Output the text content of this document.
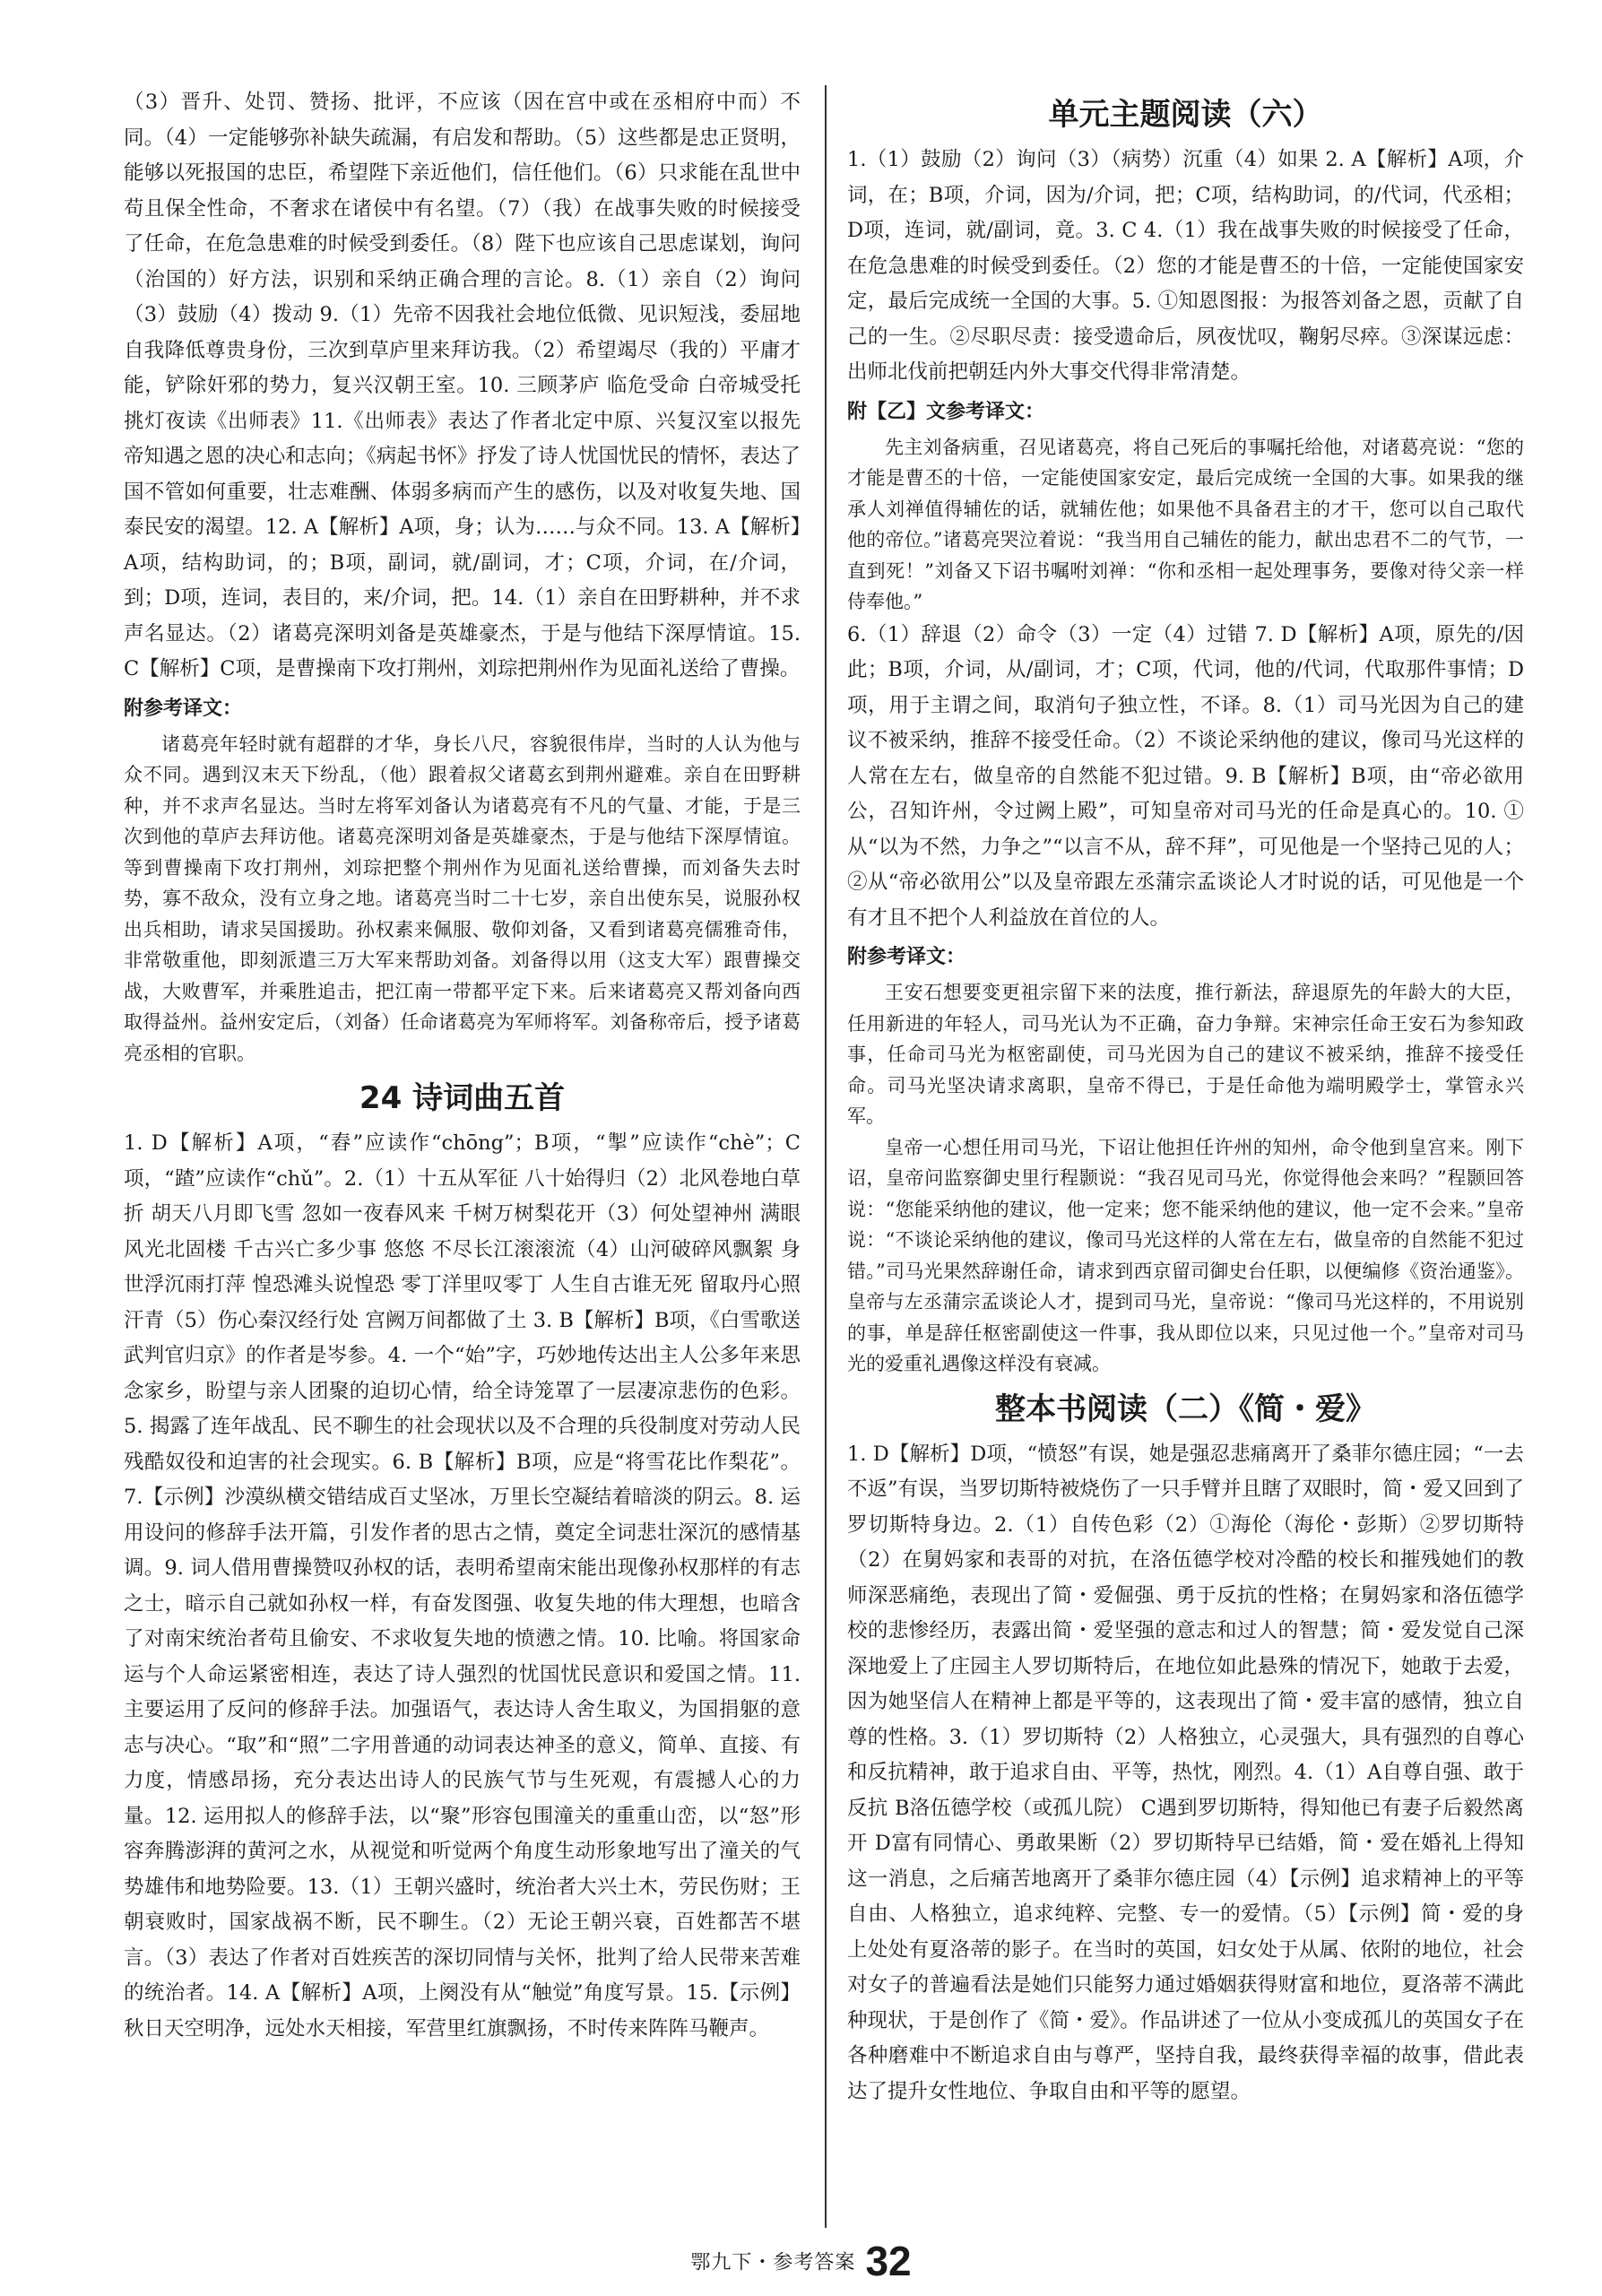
（3）晋升、处罚、赞扬、批评，不应该（因在宫中或在丞相府中而）不同。（4）一定能够弥补缺失疏漏，有启发和帮助。（5）这些都是忠正贤明，能够以死报国的忠臣，希望陛下亲近他们，信任他们。（6）只求能在乱世中苟且保全性命，不奢求在诸侯中有名望。（7）（我）在战事失败的时候接受了任命，在危急患难的时候受到委任。（8）陛下也应该自己思虑谋划，询问（治国的）好方法，识别和采纳正确合理的言论。8.（1）亲自（2）询问（3）鼓励（4）拨动 9.（1）先帝不因我社会地位低微、见识短浅，委屈地自我降低尊贵身份，三次到草庐里来拜访我。（2）希望竭尽（我的）平庸才能，铲除奸邪的势力，复兴汉朝王室。10. 三顾茅庐 临危受命 白帝城受托 挑灯夜读《出师表》11.《出师表》表达了作者北定中原、兴复汉室以报先帝知遇之恩的决心和志向；《病起书怀》抒发了诗人忧国忧民的情怀，表达了国不管如何重要，壮志难酬、体弱多病而产生的感伤，以及对收复失地、国泰民安的渴望。12. A【解析】A项，身；认为……与众不同。13. A【解析】A项，结构助词，的；B项，副词，就/副词，才；C项，介词，在/介词，到；D项，连词，表目的，来/介词，把。14.（1）亲自在田野耕种，并不求声名显达。（2）诸葛亮深明刘备是英雄豪杰，于是与他结下深厚情谊。15. C【解析】C项，是曹操南下攻打荆州，刘琮把荆州作为见面礼送给了曹操。

附参考译文：

诸葛亮年轻时就有超群的才华，身长八尺，容貌很伟岸，当时的人认为他与众不同。遇到汉末天下纷乱，（他）跟着叔父诸葛玄到荆州避难。亲自在田野耕种，并不求声名显达。当时左将军刘备认为诸葛亮有不凡的气量、才能，于是三次到他的草庐去拜访他。诸葛亮深明刘备是英雄豪杰，于是与他结下深厚情谊。等到曹操南下攻打荆州，刘琮把整个荆州作为见面礼送给曹操，而刘备失去时势，寡不敌众，没有立身之地。诸葛亮当时二十七岁，亲自出使东吴，说服孙权出兵相助，请求吴国援助。孙权素来佩服、敬仰刘备，又看到诸葛亮儒雅奇伟，非常敬重他，即刻派遣三万大军来帮助刘备。刘备得以用（这支大军）跟曹操交战，大败曹军，并乘胜追击，把江南一带都平定下来。后来诸葛亮又帮刘备向西取得益州。益州安定后，（刘备）任命诸葛亮为军师将军。刘备称帝后，授予诸葛亮丞相的官职。

24 诗词曲五首

1. D【解析】A项，“舂”应读作“chōng”；B项，“掣”应读作“chè”；C项，“蹅”应读作“chǔ”。2.（1）十五从军征 八十始得归（2）北风卷地白草折 胡天八月即飞雪 忽如一夜春风来 千树万树梨花开（3）何处望神州 满眼风光北固楼 千古兴亡多少事 悠悠 不尽长江滚滚流（4）山河破碎风飘絮 身世浮沉雨打萍 惶恐滩头说惶恐 零丁洋里叹零丁 人生自古谁无死 留取丹心照汗青（5）伤心秦汉经行处 宫阙万间都做了土 3. B【解析】B项，《白雪歌送武判官归京》的作者是岑参。4. 一个“始”字，巧妙地传达出主人公多年来思念家乡，盼望与亲人团聚的迫切心情，给全诗笼罩了一层凄凉悲伤的色彩。5. 揭露了连年战乱、民不聊生的社会现状以及不合理的兵役制度对劳动人民残酷奴役和迫害的社会现实。6. B【解析】B项，应是“将雪花比作梨花”。7.【示例】沙漠纵横交错结成百丈坚冰，万里长空凝结着暗淡的阴云。8. 运用设问的修辞手法开篇，引发作者的思古之情，奠定全词悲壮深沉的感情基调。9. 词人借用曹操赞叹孙权的话，表明希望南宋能出现像孙权那样的有志之士，暗示自己就如孙权一样，有奋发图强、收复失地的伟大理想，也暗含了对南宋统治者苟且偷安、不求收复失地的愤懑之情。10. 比喻。将国家命运与个人命运紧密相连，表达了诗人强烈的忧国忧民意识和爱国之情。11. 主要运用了反问的修辞手法。加强语气，表达诗人舍生取义，为国捐躯的意志与决心。“取”和“照”二字用普通的动词表达神圣的意义，简单、直接、有力度，情感昂扬，充分表达出诗人的民族气节与生死观，有震撼人心的力量。12. 运用拟人的修辞手法，以“聚”形容包围潼关的重重山峦，以“怒”形容奔腾澎湃的黄河之水，从视觉和听觉两个角度生动形象地写出了潼关的气势雄伟和地势险要。13.（1）王朝兴盛时，统治者大兴土木，劳民伤财；王朝衰败时，国家战祸不断，民不聊生。（2）无论王朝兴衰，百姓都苦不堪言。（3）表达了作者对百姓疾苦的深切同情与关怀，批判了给人民带来苦难的统治者。14. A【解析】A项，上阕没有从“触觉”角度写景。15.【示例】秋日天空明净，远处水天相接，军营里红旗飘扬，不时传来阵阵马鞭声。

单元主题阅读（六）

1.（1）鼓励（2）询问（3）（病势）沉重（4）如果 2. A【解析】A项，介词，在；B项，介词，因为/介词，把；C项，结构助词，的/代词，代丞相；D项，连词，就/副词，竟。3. C 4.（1）我在战事失败的时候接受了任命，在危急患难的时候受到委任。（2）您的才能是曹丕的十倍，一定能使国家安定，最后完成统一全国的大事。5. ①知恩图报：为报答刘备之恩，贡献了自己的一生。②尽职尽责：接受遗命后，夙夜忧叹，鞠躬尽瘁。③深谋远虑：出师北伐前把朝廷内外大事交代得非常清楚。

附【乙】文参考译文：

先主刘备病重，召见诸葛亮，将自己死后的事嘱托给他，对诸葛亮说：“您的才能是曹丕的十倍，一定能使国家安定，最后完成统一全国的大事。如果我的继承人刘禅值得辅佐的话，就辅佐他；如果他不具备君主的才干，您可以自己取代他的帝位。”诸葛亮哭泣着说：“我当用自己辅佐的能力，献出忠君不二的气节，一直到死！”刘备又下诏书嘱咐刘禅：“你和丞相一起处理事务，要像对待父亲一样侍奉他。”

6.（1）辞退（2）命令（3）一定（4）过错 7. D【解析】A项，原先的/因此；B项，介词，从/副词，才；C项，代词，他的/代词，代取那件事情；D项，用于主谓之间，取消句子独立性，不译。8.（1）司马光因为自己的建议不被采纳，推辞不接受任命。（2）不谈论采纳他的建议，像司马光这样的人常在左右，做皇帝的自然能不犯过错。9. B【解析】B项，由“帝必欲用公，召知许州，令过阙上殿”，可知皇帝对司马光的任命是真心的。10. ①从“以为不然，力争之”“以言不从，辞不拜”，可见他是一个坚持己见的人；②从“帝必欲用公”以及皇帝跟左丞蒲宗孟谈论人才时说的话，可见他是一个有才且不把个人利益放在首位的人。

附参考译文：

王安石想要变更祖宗留下来的法度，推行新法，辞退原先的年龄大的大臣，任用新进的年轻人，司马光认为不正确，奋力争辩。宋神宗任命王安石为参知政事，任命司马光为枢密副使，司马光因为自己的建议不被采纳，推辞不接受任命。司马光坚决请求离职，皇帝不得已，于是任命他为端明殿学士，掌管永兴军。

皇帝一心想任用司马光，下诏让他担任许州的知州，命令他到皇宫来。刚下诏，皇帝问监察御史里行程颢说：“我召见司马光，你觉得他会来吗？”程颢回答说：“您能采纳他的建议，他一定来；您不能采纳他的建议，他一定不会来。”皇帝说：“不谈论采纳他的建议，像司马光这样的人常在左右，做皇帝的自然能不犯过错。”司马光果然辞谢任命，请求到西京留司御史台任职，以便编修《资治通鉴》。皇帝与左丞蒲宗孟谈论人才，提到司马光，皇帝说：“像司马光这样的，不用说别的事，单是辞任枢密副使这一件事，我从即位以来，只见过他一个。”皇帝对司马光的爱重礼遇像这样没有衰减。

整本书阅读（二）《简・爱》

1. D【解析】D项，“愤怒”有误，她是强忍悲痛离开了桑菲尔德庄园；“一去不返”有误，当罗切斯特被烧伤了一只手臂并且瞎了双眼时，简・爱又回到了罗切斯特身边。2.（1）自传色彩（2）①海伦（海伦・彭斯）②罗切斯特（2）在舅妈家和表哥的对抗，在洛伍德学校对冷酷的校长和摧残她们的教师深恶痛绝，表现出了简・爱倔强、勇于反抗的性格；在舅妈家和洛伍德学校的悲惨经历，表露出简・爱坚强的意志和过人的智慧；简・爱发觉自己深深地爱上了庄园主人罗切斯特后，在地位如此悬殊的情况下，她敢于去爱，因为她坚信人在精神上都是平等的，这表现出了简・爱丰富的感情，独立自尊的性格。3.（1）罗切斯特（2）人格独立，心灵强大，具有强烈的自尊心和反抗精神，敢于追求自由、平等，热忱，刚烈。4.（1）A自尊自强、敢于反抗 B洛伍德学校（或孤儿院） C遇到罗切斯特，得知他已有妻子后毅然离开 D富有同情心、勇敢果断（2）罗切斯特早已结婚，简・爱在婚礼上得知这一消息，之后痛苦地离开了桑菲尔德庄园（4）【示例】追求精神上的平等自由、人格独立，追求纯粹、完整、专一的爱情。（5）【示例】简・爱的身上处处有夏洛蒂的影子。在当时的英国，妇女处于从属、依附的地位，社会对女子的普遍看法是她们只能努力通过婚姻获得财富和地位，夏洛蒂不满此种现状，于是创作了《简・爱》。作品讲述了一位从小变成孤儿的英国女子在各种磨难中不断追求自由与尊严，坚持自我，最终获得幸福的故事，借此表达了提升女性地位、争取自由和平等的愿望。

鄂九下・参考答案 32
